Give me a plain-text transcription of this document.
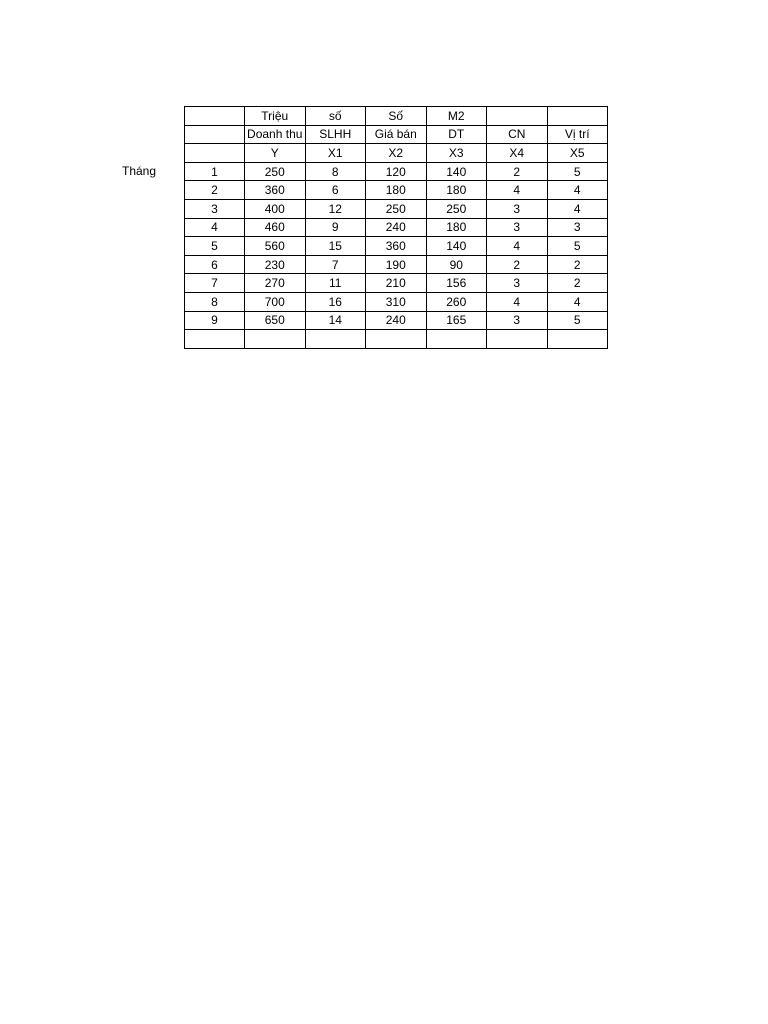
Tháng
	Triệu	số	Số	M2		
	Doanh thu	SLHH	Giá bán	DT	CN	Vị trí
	Y	X1	X2	X3	X4	X5
1	250	8	120	140	2	5
2	360	6	180	180	4	4
3	400	12	250	250	3	4
4	460	9	240	180	3	3
5	560	15	360	140	4	5
6	230	7	190	90	2	2
7	270	11	210	156	3	2
8	700	16	310	260	4	4
9	650	14	240	165	3	5
